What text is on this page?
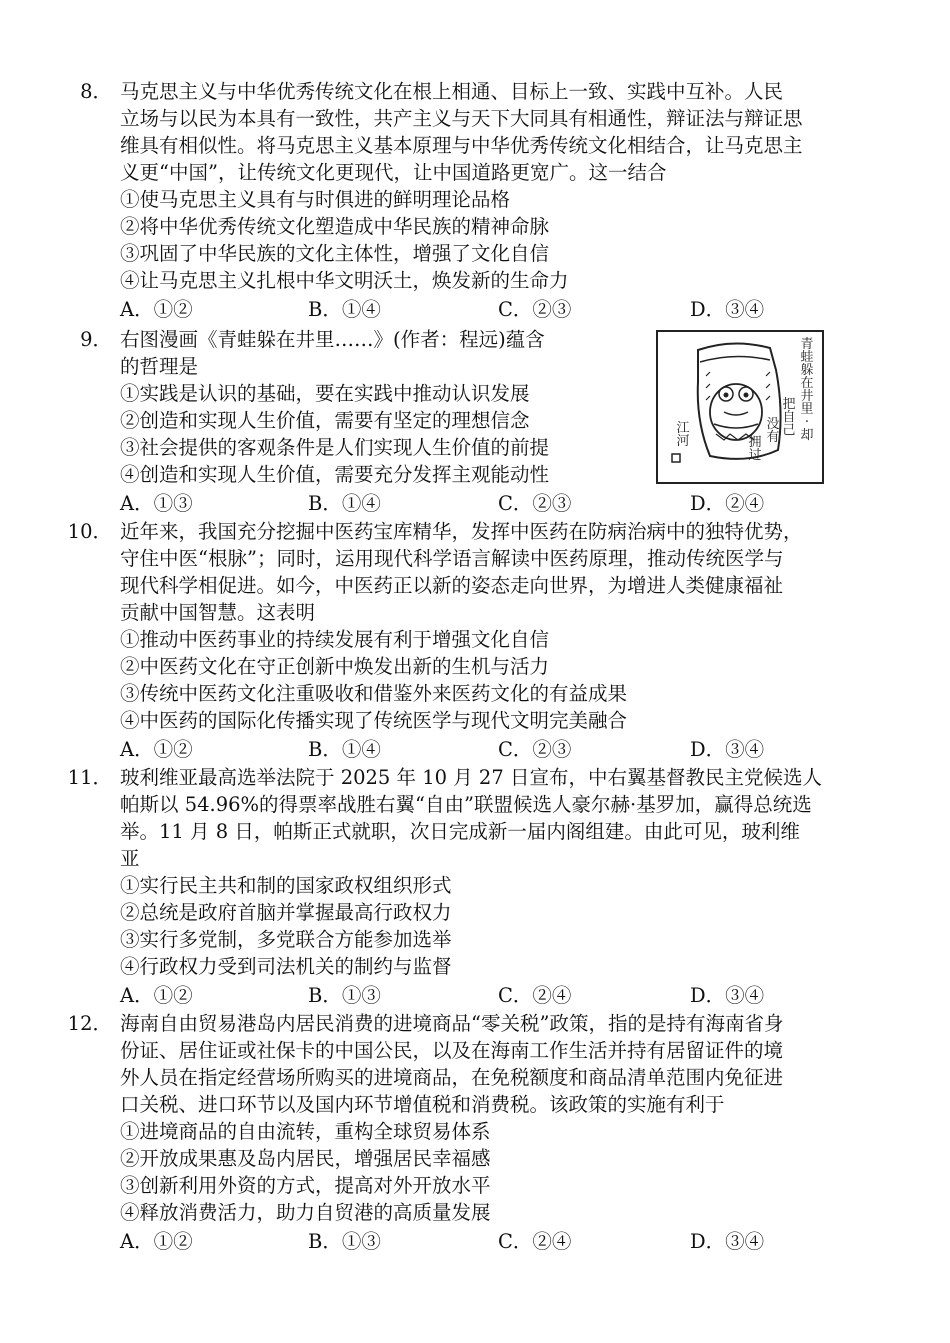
8． 马克思主义与中华优秀传统文化在根上相通、目标上一致、实践中互补。人民
立场与以民为本具有一致性，共产主义与天下大同具有相通性，辩证法与辩证思
维具有相似性。将马克思主义基本原理与中华优秀传统文化相结合，让马克思主
义更“中国”，让传统文化更现代，让中国道路更宽广。这一结合
①使马克思主义具有与时俱进的鲜明理论品格
②将中华优秀传统文化塑造成中华民族的精神命脉
③巩固了中华民族的文化主体性，增强了文化自信
④让马克思主义扎根中华文明沃土，焕发新的生命力
A．①②	B．①④	C．②③	D．③④
9． 右图漫画《青蛙躲在井里……》(作者：程远)蕴含
的哲理是
①实践是认识的基础，要在实践中推动认识发展
②创造和实现人生价值，需要有坚定的理想信念
③社会提供的客观条件是人们实现人生价值的前提
④创造和实现人生价值，需要充分发挥主观能动性
A．①③	B．①④	C．②③	D．②④
青
蛙
躲
在
井
里
·
却
把
自
己
没
有
拥
过
江
河
10． 近年来，我国充分挖掘中医药宝库精华，发挥中医药在防病治病中的独特优势，
守住中医“根脉”；同时，运用现代科学语言解读中医药原理，推动传统医学与
现代科学相促进。如今，中医药正以新的姿态走向世界，为增进人类健康福祉
贡献中国智慧。这表明
①推动中医药事业的持续发展有利于增强文化自信
②中医药文化在守正创新中焕发出新的生机与活力
③传统中医药文化注重吸收和借鉴外来医药文化的有益成果
④中医药的国际化传播实现了传统医学与现代文明完美融合
A．①②	B．①④	C．②③	D．③④
11． 玻利维亚最高选举法院于 2025 年 10 月 27 日宣布，中右翼基督教民主党候选人
帕斯以 54.96%的得票率战胜右翼“自由”联盟候选人豪尔赫·基罗加，赢得总统选
举。11 月 8 日，帕斯正式就职，次日完成新一届内阁组建。由此可见，玻利维
亚
①实行民主共和制的国家政权组织形式
②总统是政府首脑并掌握最高行政权力
③实行多党制，多党联合方能参加选举
④行政权力受到司法机关的制约与监督
A．①②	B．①③	C．②④	D．③④
12． 海南自由贸易港岛内居民消费的进境商品“零关税”政策，指的是持有海南省身
份证、居住证或社保卡的中国公民，以及在海南工作生活并持有居留证件的境
外人员在指定经营场所购买的进境商品，在免税额度和商品清单范围内免征进
口关税、进口环节以及国内环节增值税和消费税。该政策的实施有利于
①进境商品的自由流转，重构全球贸易体系
②开放成果惠及岛内居民，增强居民幸福感
③创新利用外资的方式，提高对外开放水平
④释放消费活力，助力自贸港的高质量发展
A．①②	B．①③	C．②④	D．③④
